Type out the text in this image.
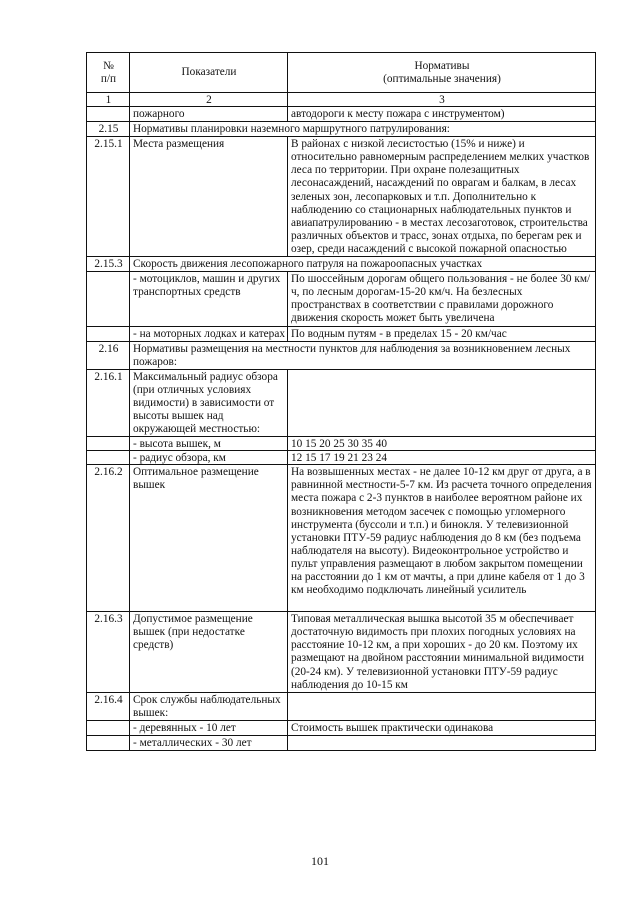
№
п/п	Показатели	Нормативы
(оптимальные значения)
1	2	3
	пожарного	автодороги к месту пожара с инструментом)
2.15	Нормативы планировки наземного маршрутного патрулирования:	
2.15.1	Места размещения	В районах с низкой лесистостью (15% и ниже) и относительно равномерным распределением мелких участков леса по территории. При охране полезащитных лесонасаждений, насаждений по оврагам и балкам, в лесах зеленых зон, лесопарковых и т.п. Дополнительно к наблюдению со стационарных наблюдательных пунктов и авиапатрулированию - в местах лесозаготовок, строительства различных объектов и трасс, зонах отдыха, по берегам рек и озер, среди насаждений с высокой пожарной опасностью
2.15.3	Скорость движения лесопожарного патруля на пожароопасных участках	
	- мотоциклов, машин и других транспортных средств	По шоссейным дорогам общего пользования - не более 30 км/ч, по лесным дорогам-15-20 км/ч. На безлесных пространствах в соответствии с правилами дорожного движения скорость может быть увеличена
	- на моторных лодках и катерах	По водным путям - в пределах 15 - 20 км/час
2.16	Нормативы размещения на местности пунктов для наблюдения за возникновением лесных пожаров:	
2.16.1	Максимальный радиус обзора (при отличных условиях видимости) в зависимости от высоты вышек над окружающей местностью:	
	- высота вышек, м	10 15 20 25 30 35 40
	- радиус обзора, км	12 15 17 19 21 23 24
2.16.2	Оптимальное размещение вышек	На возвышенных местах - не далее 10-12 км друг от друга, а в равнинной местности-5-7 км. Из расчета точного определения места пожара с 2-3 пунктов в наиболее вероятном районе их возникновения методом засечек с помощью угломерного инструмента (буссоли и т.п.) и бинокля. У телевизионной установки ПТУ-59 радиус наблюдения до 8 км (без подъема наблюдателя на высоту). Видеоконтрольное устройство и пульт управления размещают в любом закрытом помещении на расстоянии до 1 км от мачты, а при длине кабеля от 1 до 3 км необходимо подключать линейный усилитель
2.16.3	Допустимое размещение вышек (при недостатке средств)	Типовая металлическая вышка высотой 35 м обеспечивает достаточную видимость при плохих погодных условиях на расстояние 10-12 км, а при хороших - до 20 км. Поэтому их размещают на двойном расстоянии минимальной видимости (20-24 км). У телевизионной установки ПТУ-59 радиус наблюдения до 10-15 км
2.16.4	Срок службы наблюдательных вышек:	
	- деревянных - 10 лет	Стоимость вышек практически одинакова
	- металлических - 30 лет	
101
